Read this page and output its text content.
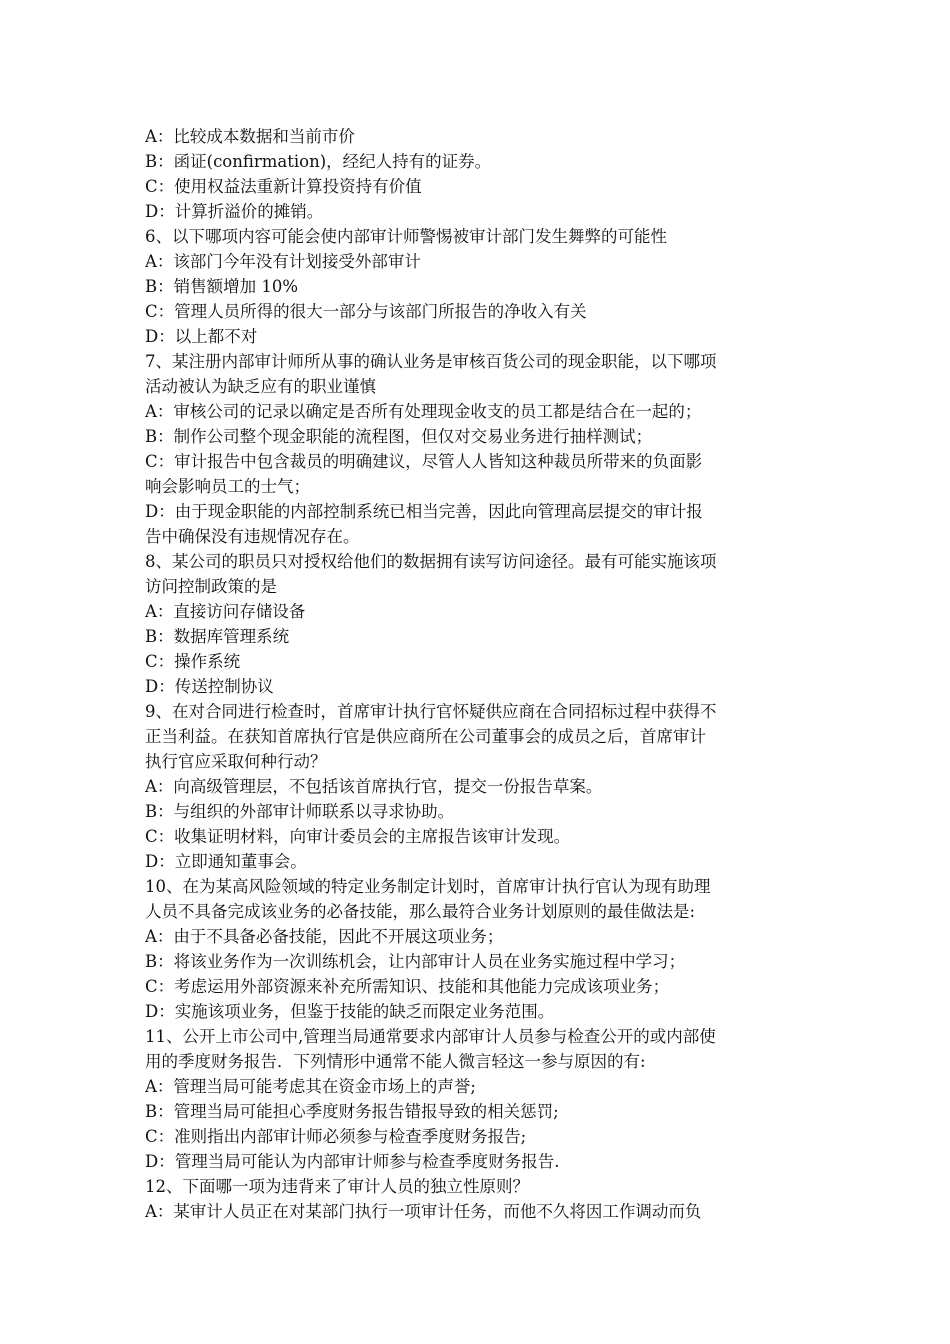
A：比较成本数据和当前市价
B：函证(confirmation)，经纪人持有的证券。
C：使用权益法重新计算投资持有价值
D：计算折溢价的摊销。
6、以下哪项内容可能会使内部审计师警惕被审计部门发生舞弊的可能性
A：该部门今年没有计划接受外部审计
B：销售额增加 10%
C：管理人员所得的很大一部分与该部门所报告的净收入有关
D：以上都不对
7、某注册内部审计师所从事的确认业务是审核百货公司的现金职能，以下哪项
活动被认为缺乏应有的职业谨慎
A：审核公司的记录以确定是否所有处理现金收支的员工都是结合在一起的；
B：制作公司整个现金职能的流程图，但仅对交易业务进行抽样测试；
C：审计报告中包含裁员的明确建议，尽管人人皆知这种裁员所带来的负面影
响会影响员工的士气；
D：由于现金职能的内部控制系统已相当完善，因此向管理高层提交的审计报
告中确保没有违规情况存在。
8、某公司的职员只对授权给他们的数据拥有读写访问途径。最有可能实施该项
访问控制政策的是
A：直接访问存储设备
B：数据库管理系统
C：操作系统
D：传送控制协议
9、在对合同进行检查时，首席审计执行官怀疑供应商在合同招标过程中获得不
正当利益。在获知首席执行官是供应商所在公司董事会的成员之后，首席审计
执行官应采取何种行动？
A：向高级管理层，不包括该首席执行官，提交一份报告草案。
B：与组织的外部审计师联系以寻求协助。
C：收集证明材料，向审计委员会的主席报告该审计发现。
D：立即通知董事会。
10、在为某高风险领域的特定业务制定计划时，首席审计执行官认为现有助理
人员不具备完成该业务的必备技能，那么最符合业务计划原则的最佳做法是:
A：由于不具备必备技能，因此不开展这项业务；
B：将该业务作为一次训练机会，让内部审计人员在业务实施过程中学习；
C：考虑运用外部资源来补充所需知识、技能和其他能力完成该项业务；
D：实施该项业务，但鉴于技能的缺乏而限定业务范围。
11、公开上市公司中,管理当局通常要求内部审计人员参与检查公开的或内部使
用的季度财务报告．下列情形中通常不能人微言轻这一参与原因的有:
A：管理当局可能考虑其在资金市场上的声誉;
B：管理当局可能担心季度财务报告错报导致的相关惩罚;
C：准则指出内部审计师必须参与检查季度财务报告;
D：管理当局可能认为内部审计师参与检查季度财务报告.
12、下面哪一项为违背来了审计人员的独立性原则？
A：某审计人员正在对某部门执行一项审计任务，而他不久将因工作调动而负
